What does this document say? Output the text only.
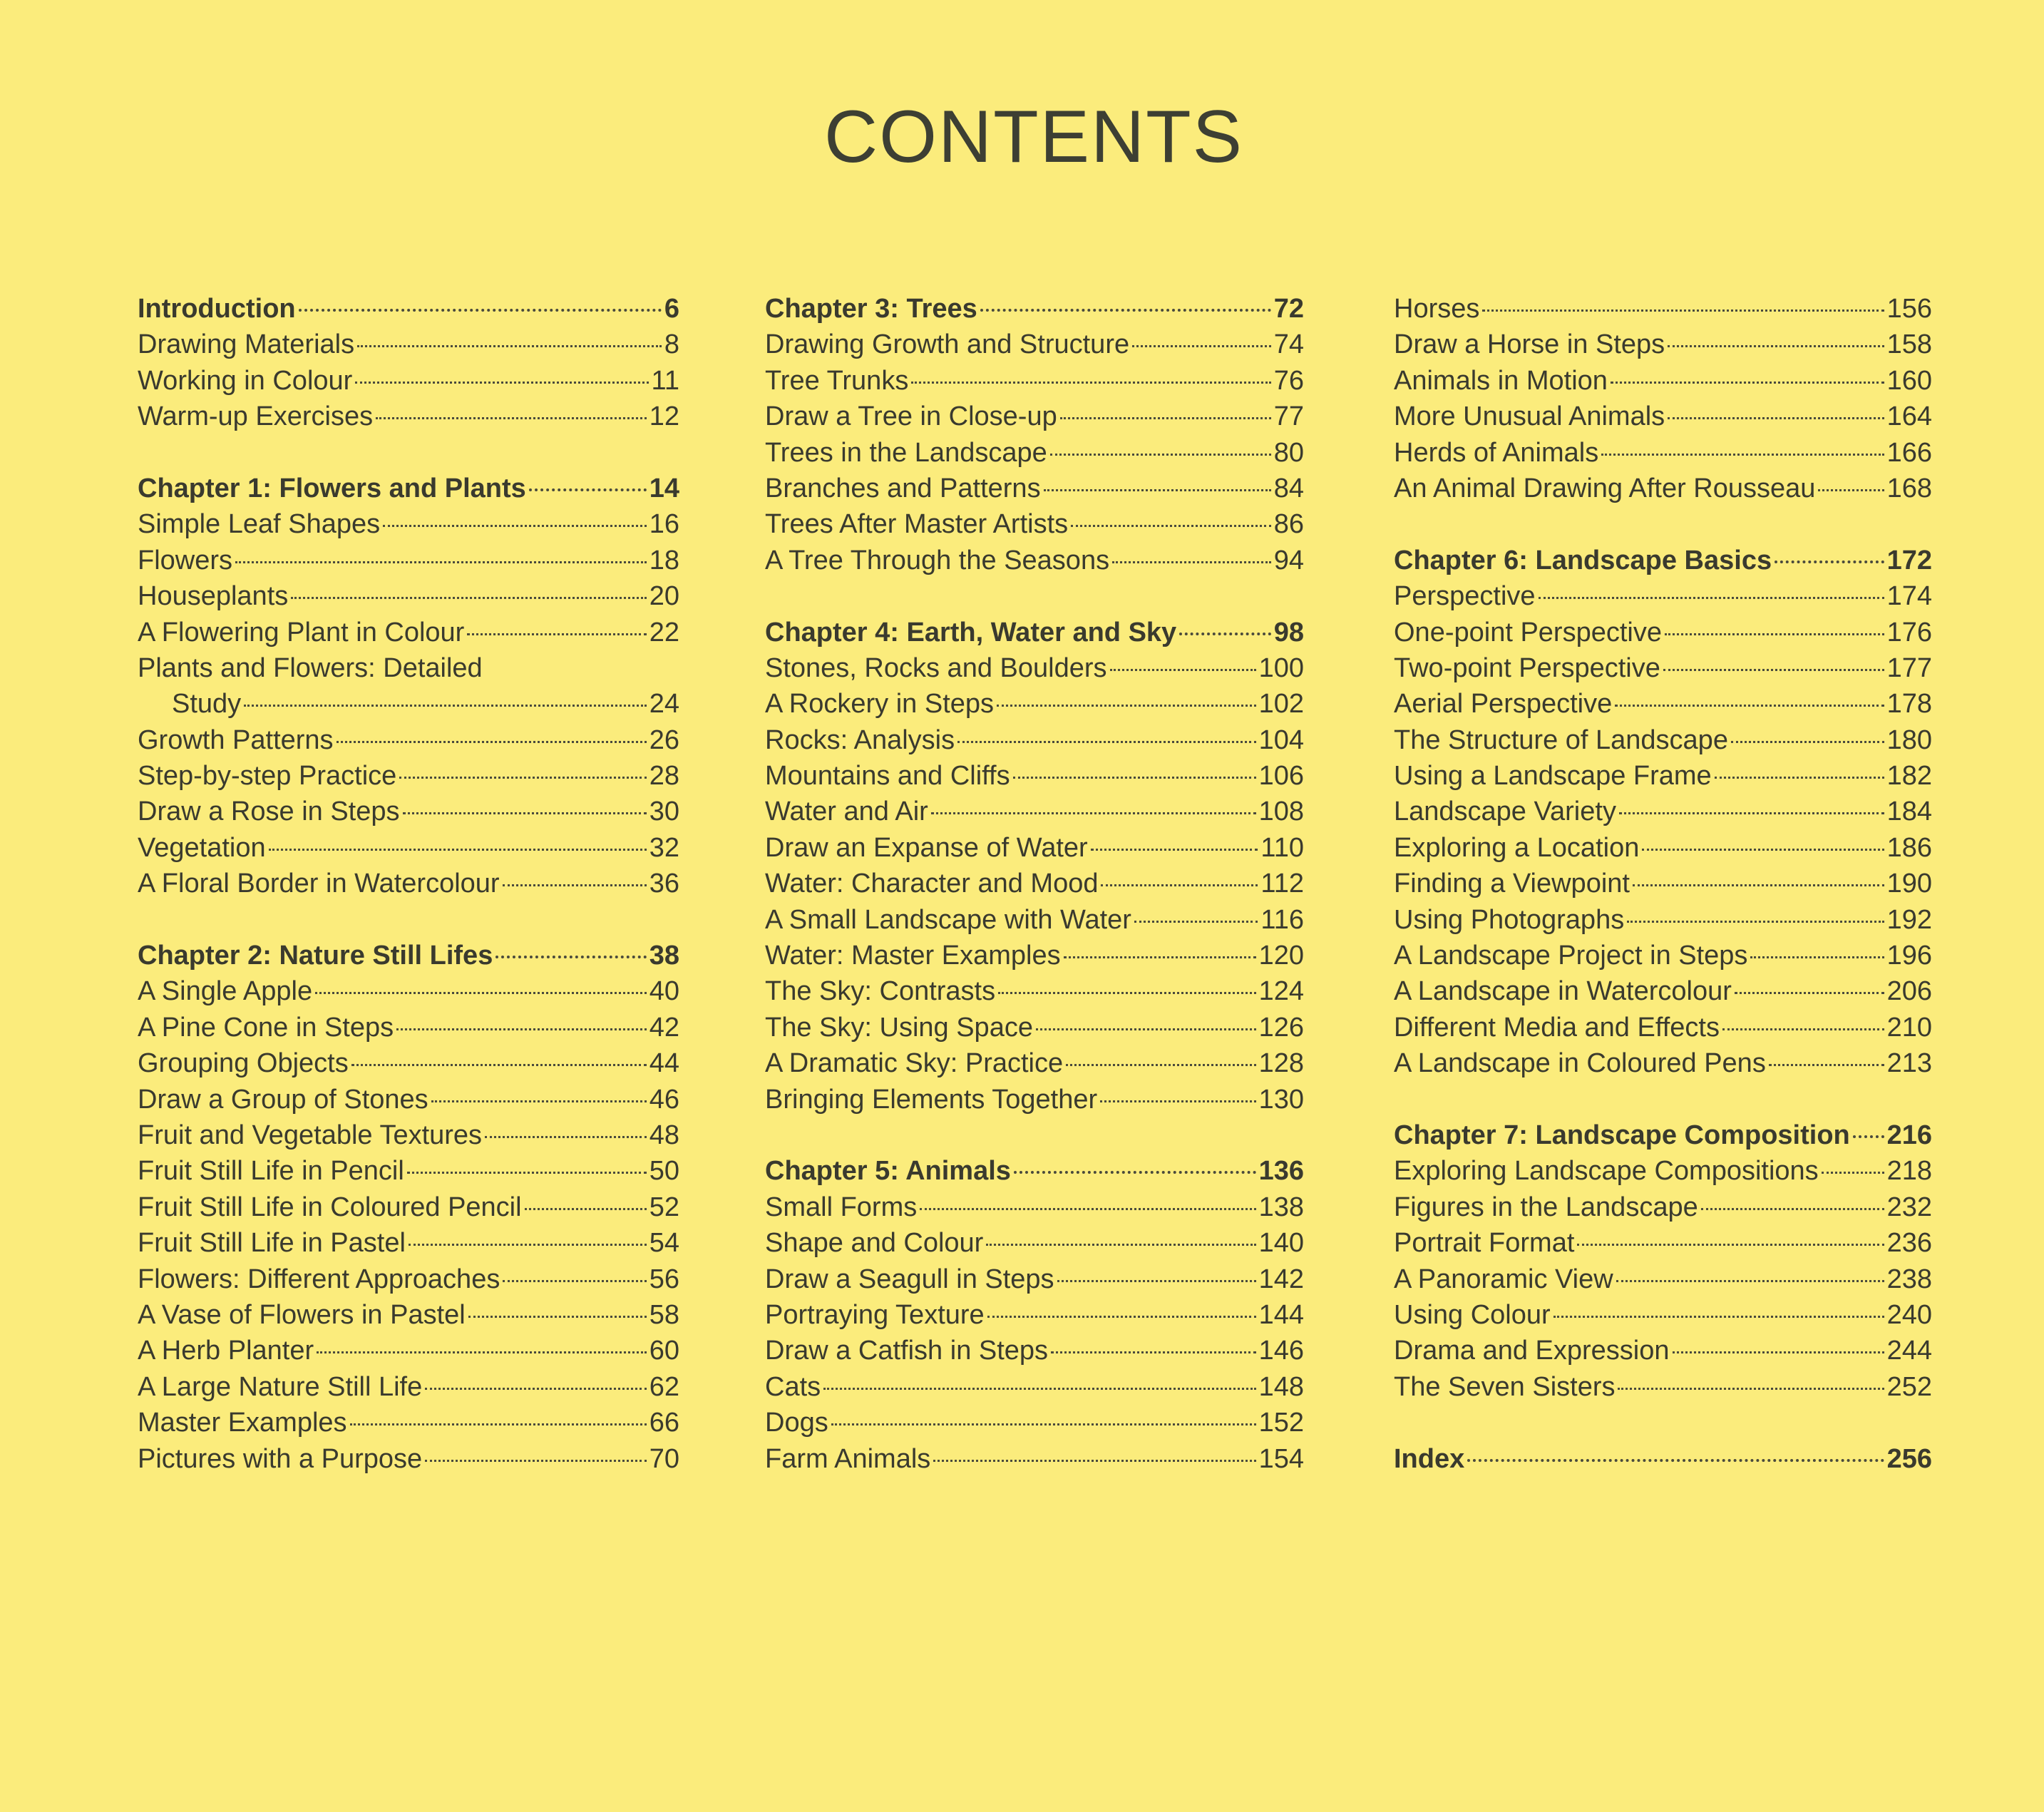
CONTENTS
Introduction	6
Drawing Materials	8
Working in Colour	11
Warm-up Exercises	12
Chapter 1: Flowers and Plants	14
Simple Leaf Shapes	16
Flowers	18
Houseplants	20
A Flowering Plant in Colour	22
Plants and Flowers: Detailed
Study	24
Growth Patterns	26
Step-by-step Practice	28
Draw a Rose in Steps	30
Vegetation	32
A Floral Border in Watercolour	36
Chapter 2: Nature Still Lifes	38
A Single Apple	40
A Pine Cone in Steps	42
Grouping Objects	44
Draw a Group of Stones	46
Fruit and Vegetable Textures	48
Fruit Still Life in Pencil	50
Fruit Still Life in Coloured Pencil	52
Fruit Still Life in Pastel	54
Flowers: Different Approaches	56
A Vase of Flowers in Pastel	58
A Herb Planter	60
A Large Nature Still Life	62
Master Examples	66
Pictures with a Purpose	70
Chapter 3: Trees	72
Drawing Growth and Structure	74
Tree Trunks	76
Draw a Tree in Close-up	77
Trees in the Landscape	80
Branches and Patterns	84
Trees After Master Artists	86
A Tree Through the Seasons	94
Chapter 4: Earth, Water and Sky	98
Stones, Rocks and Boulders	100
A Rockery in Steps	102
Rocks: Analysis	104
Mountains and Cliffs	106
Water and Air	108
Draw an Expanse of Water	110
Water: Character and Mood	112
A Small Landscape with Water	116
Water: Master Examples	120
The Sky: Contrasts	124
The Sky: Using Space	126
A Dramatic Sky: Practice	128
Bringing Elements Together	130
Chapter 5: Animals	136
Small Forms	138
Shape and Colour	140
Draw a Seagull in Steps	142
Portraying Texture	144
Draw a Catfish in Steps	146
Cats	148
Dogs	152
Farm Animals	154
Horses	156
Draw a Horse in Steps	158
Animals in Motion	160
More Unusual Animals	164
Herds of Animals	166
An Animal Drawing After Rousseau	168
Chapter 6: Landscape Basics	172
Perspective	174
One-point Perspective	176
Two-point Perspective	177
Aerial Perspective	178
The Structure of Landscape	180
Using a Landscape Frame	182
Landscape Variety	184
Exploring a Location	186
Finding a Viewpoint	190
Using Photographs	192
A Landscape Project in Steps	196
A Landscape in Watercolour	206
Different Media and Effects	210
A Landscape in Coloured Pens	213
Chapter 7: Landscape Composition 216
Exploring Landscape Compositions	218
Figures in the Landscape	232
Portrait Format	236
A Panoramic View	238
Using Colour	240
Drama and Expression	244
The Seven Sisters	252
Index	256
